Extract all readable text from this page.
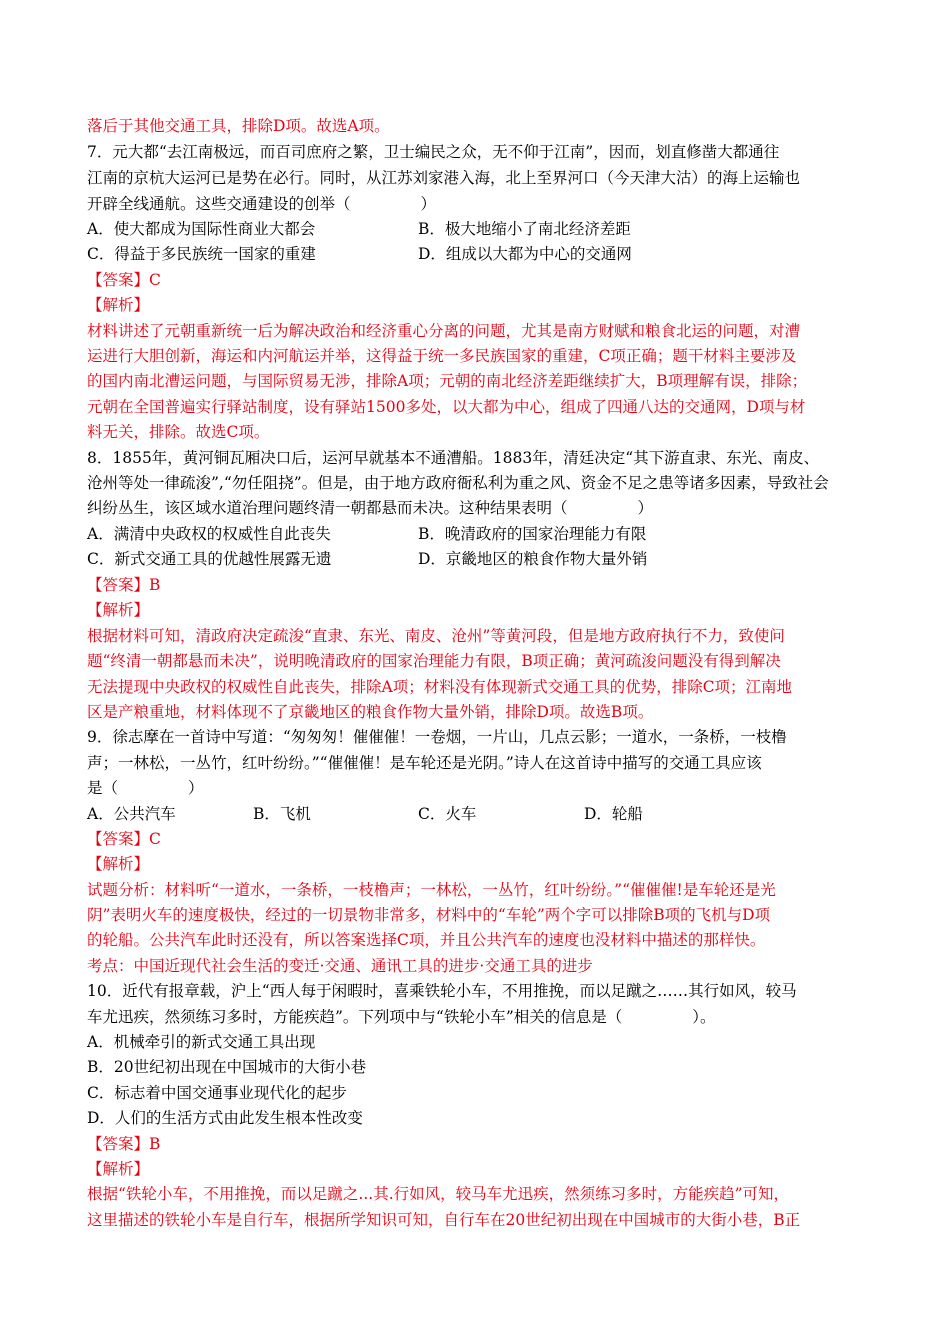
落后于其他交通工具，排除D项。故选A项。
7．元大都“去江南极远，而百司庶府之繁，卫士编民之众，无不仰于江南”，因而，划直修凿大都通往
江南的京杭大运河已是势在必行。同时，从江苏刘家港入海，北上至界河口（今天津大沽）的海上运输也
开辟全线通航。这些交通建设的创举（	）
A．使大都成为国际性商业大都会	B．极大地缩小了南北经济差距
C．得益于多民族统一国家的重建	D．组成以大都为中心的交通网
【答案】C
【解析】
材料讲述了元朝重新统一后为解决政治和经济重心分离的问题，尤其是南方财赋和粮食北运的问题，对漕
运进行大胆创新，海运和内河航运并举，这得益于统一多民族国家的重建，C项正确；题干材料主要涉及
的国内南北漕运问题，与国际贸易无涉，排除A项；元朝的南北经济差距继续扩大，B项理解有误，排除；
元朝在全国普遍实行驿站制度，设有驿站1500多处，以大都为中心，组成了四通八达的交通网，D项与材
料无关，排除。故选C项。
8．1855年，黄河铜瓦厢决口后，运河早就基本不通漕船。1883年，清廷决定“其下游直隶、东光、南皮、
沧州等处一律疏浚”,“勿任阻挠”。但是，由于地方政府衙私利为重之风、资金不足之患等诸多因素，导致社会
纠纷丛生，该区域水道治理问题终清一朝都悬而未决。这种结果表明（	）
A．满清中央政权的权威性自此丧失	B．晚清政府的国家治理能力有限
C．新式交通工具的优越性展露无遗	D．京畿地区的粮食作物大量外销
【答案】B
【解析】
根据材料可知，清政府决定疏浚“直隶、东光、南皮、沧州”等黄河段，但是地方政府执行不力，致使问
题“终清一朝都悬而未决”，说明晚清政府的国家治理能力有限，B项正确；黄河疏浚问题没有得到解决
无法提现中央政权的权威性自此丧失，排除A项；材料没有体现新式交通工具的优势，排除C项；江南地
区是产粮重地，材料体现不了京畿地区的粮食作物大量外销，排除D项。故选B项。
9．徐志摩在一首诗中写道：“匆匆匆！催催催！一卷烟，一片山，几点云影；一道水，一条桥，一枝橹
声；一林松，一丛竹，红叶纷纷。”“催催催！是车轮还是光阴。”诗人在这首诗中描写的交通工具应该
是（	）
A．公共汽车	B．飞机	C．火车	D．轮船
【答案】C
【解析】
试题分析：材料听“一道水，一条桥，一枝橹声；一林松，一丛竹，红叶纷纷。”“催催催!是车轮还是光
阴”表明火车的速度极快，经过的一切景物非常多，材料中的“车轮”两个字可以排除B项的飞机与D项
的轮船。公共汽车此时还没有，所以答案选择C项，并且公共汽车的速度也没材料中描述的那样快。
考点：中国近现代社会生活的变迁·交通、通讯工具的进步·交通工具的进步
10．近代有报章载，沪上“西人每于闲暇时，喜乘铁轮小车，不用推挽，而以足蹴之……其行如风，较马
车尤迅疾，然须练习多时，方能疾趋”。下列项中与“铁轮小车”相关的信息是（	）。
A．机械牵引的新式交通工具出现
B．20世纪初出现在中国城市的大街小巷
C．标志着中国交通事业现代化的起步
D．人们的生活方式由此发生根本性改变
【答案】B
【解析】
根据“铁轮小车，不用推挽，而以足蹴之...其.行如风，较马车尤迅疾，然须练习多时，方能疾趋”可知，
这里描述的铁轮小车是自行车，根据所学知识可知，自行车在20世纪初出现在中国城市的大街小巷，B正
